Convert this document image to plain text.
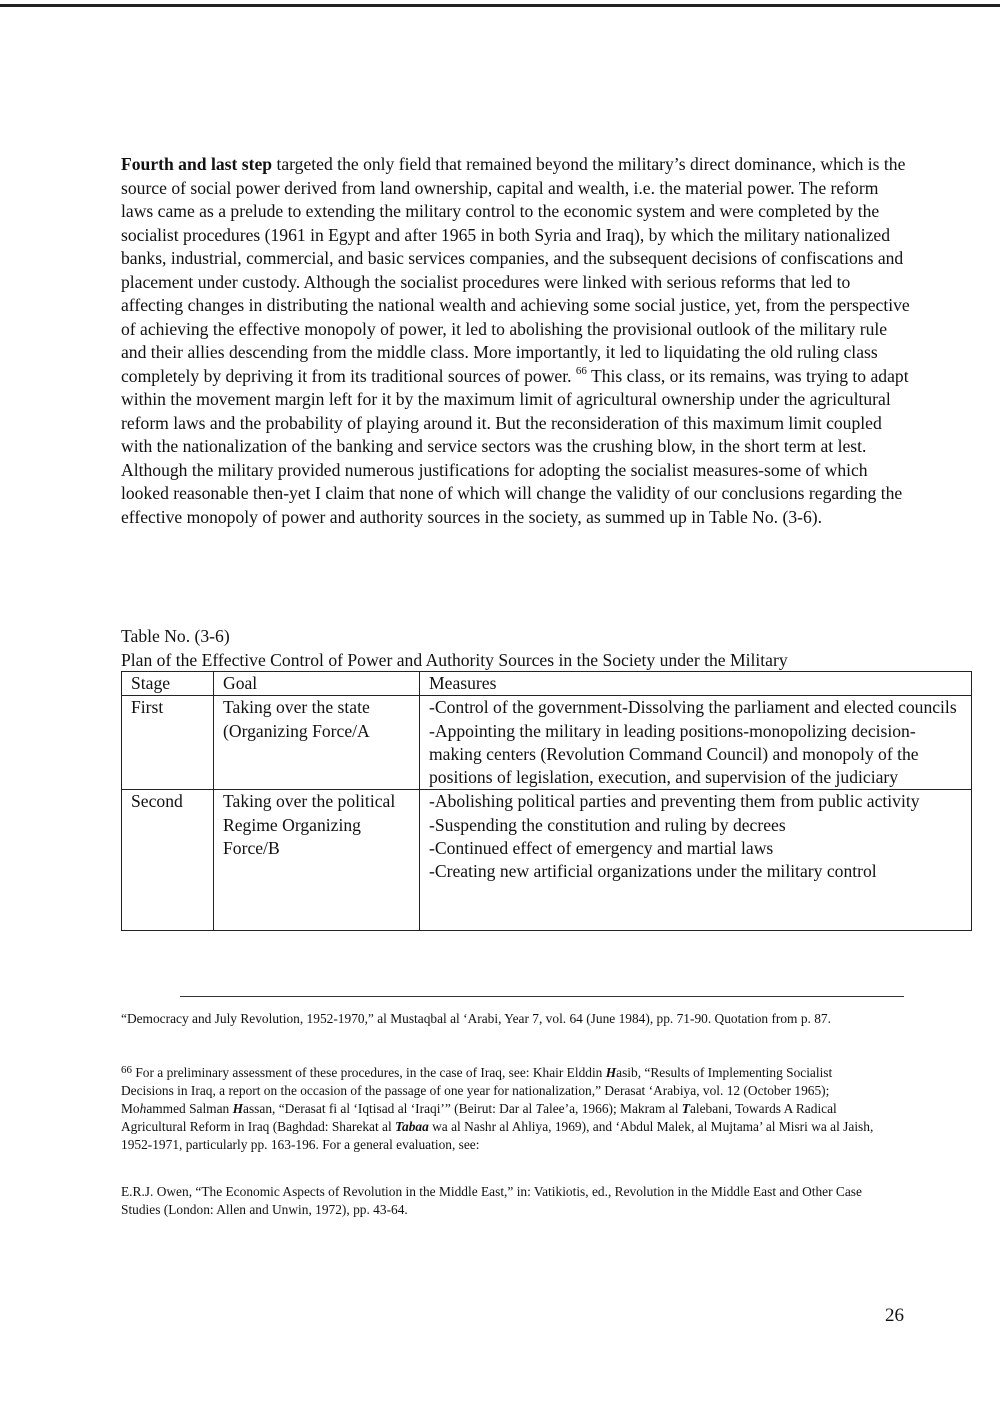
Fourth and last step targeted the only field that remained beyond the military’s direct dominance, which is the source of social power derived from land ownership, capital and wealth, i.e. the material power. The reform laws came as a prelude to extending the military control to the economic system and were completed by the socialist procedures (1961 in Egypt and after 1965 in both Syria and Iraq), by which the military nationalized banks, industrial, commercial, and basic services companies, and the subsequent decisions of confiscations and placement under custody. Although the socialist procedures were linked with serious reforms that led to affecting changes in distributing the national wealth and achieving some social justice, yet, from the perspective of achieving the effective monopoly of power, it led to abolishing the provisional outlook of the military rule and their allies descending from the middle class. More importantly, it led to liquidating the old ruling class completely by depriving it from its traditional sources of power. $^{66}$ This class, or its remains, was trying to adapt within the movement margin left for it by the maximum limit of agricultural ownership under the agricultural reform laws and the probability of playing around it. But the reconsideration of this maximum limit coupled with the nationalization of the banking and service sectors was the crushing blow, in the short term at lest. Although the military provided numerous justifications for adopting the socialist measures-some of which looked reasonable then-yet I claim that none of which will change the validity of our conclusions regarding the effective monopoly of power and authority sources in the society, as summed up in Table No. (3-6).

Table No. (3-6)

Plan of the Effective Control of Power and Authority Sources in the Society under the Military

Stage	Goal	Measures
First	Taking over the state (Organizing Force/A	-Control of the government-Dissolving the parliament and elected councils
-Appointing the military in leading positions-monopolizing decision-making centers (Revolution Command Council) and monopoly of the positions of legislation, execution, and supervision of the judiciary

Second	Taking over the political Regime Organizing Force/B	-Abolishing political parties and preventing them from public activity
-Suspending the constitution and ruling by decrees
-Continued effect of emergency and martial laws
-Creating new artificial organizations under the military control

“Democracy and July Revolution, 1952-1970,” al Mustaqbal al ‘Arabi, Year 7, vol. 64 (June 1984), pp. 71-90. Quotation from p. 87.

$^{66}$ For a preliminary assessment of these procedures, in the case of Iraq, see: Khair Elddin Hasib, “Results of Implementing Socialist Decisions in Iraq, a report on the occasion of the passage of one year for nationalization,” Derasat ‘Arabiya, vol. 12 (October 1965); Mohammed Salman Hassan, “Derasat fi al ‘Iqtisad al ‘Iraqi’” (Beirut: Dar al Talee’a, 1966); Makram al Talebani, Towards A Radical Agricultural Reform in Iraq (Baghdad: Sharekat al Tabaa wa al Nashr al Ahliya, 1969), and ‘Abdul Malek, al Mujtama’ al Misri wa al Jaish, 1952-1971, particularly pp. 163-196. For a general evaluation, see:

E.R.J. Owen, “The Economic Aspects of Revolution in the Middle East,” in: Vatikiotis, ed., Revolution in the Middle East and Other Case Studies (London: Allen and Unwin, 1972), pp. 43-64.

26
